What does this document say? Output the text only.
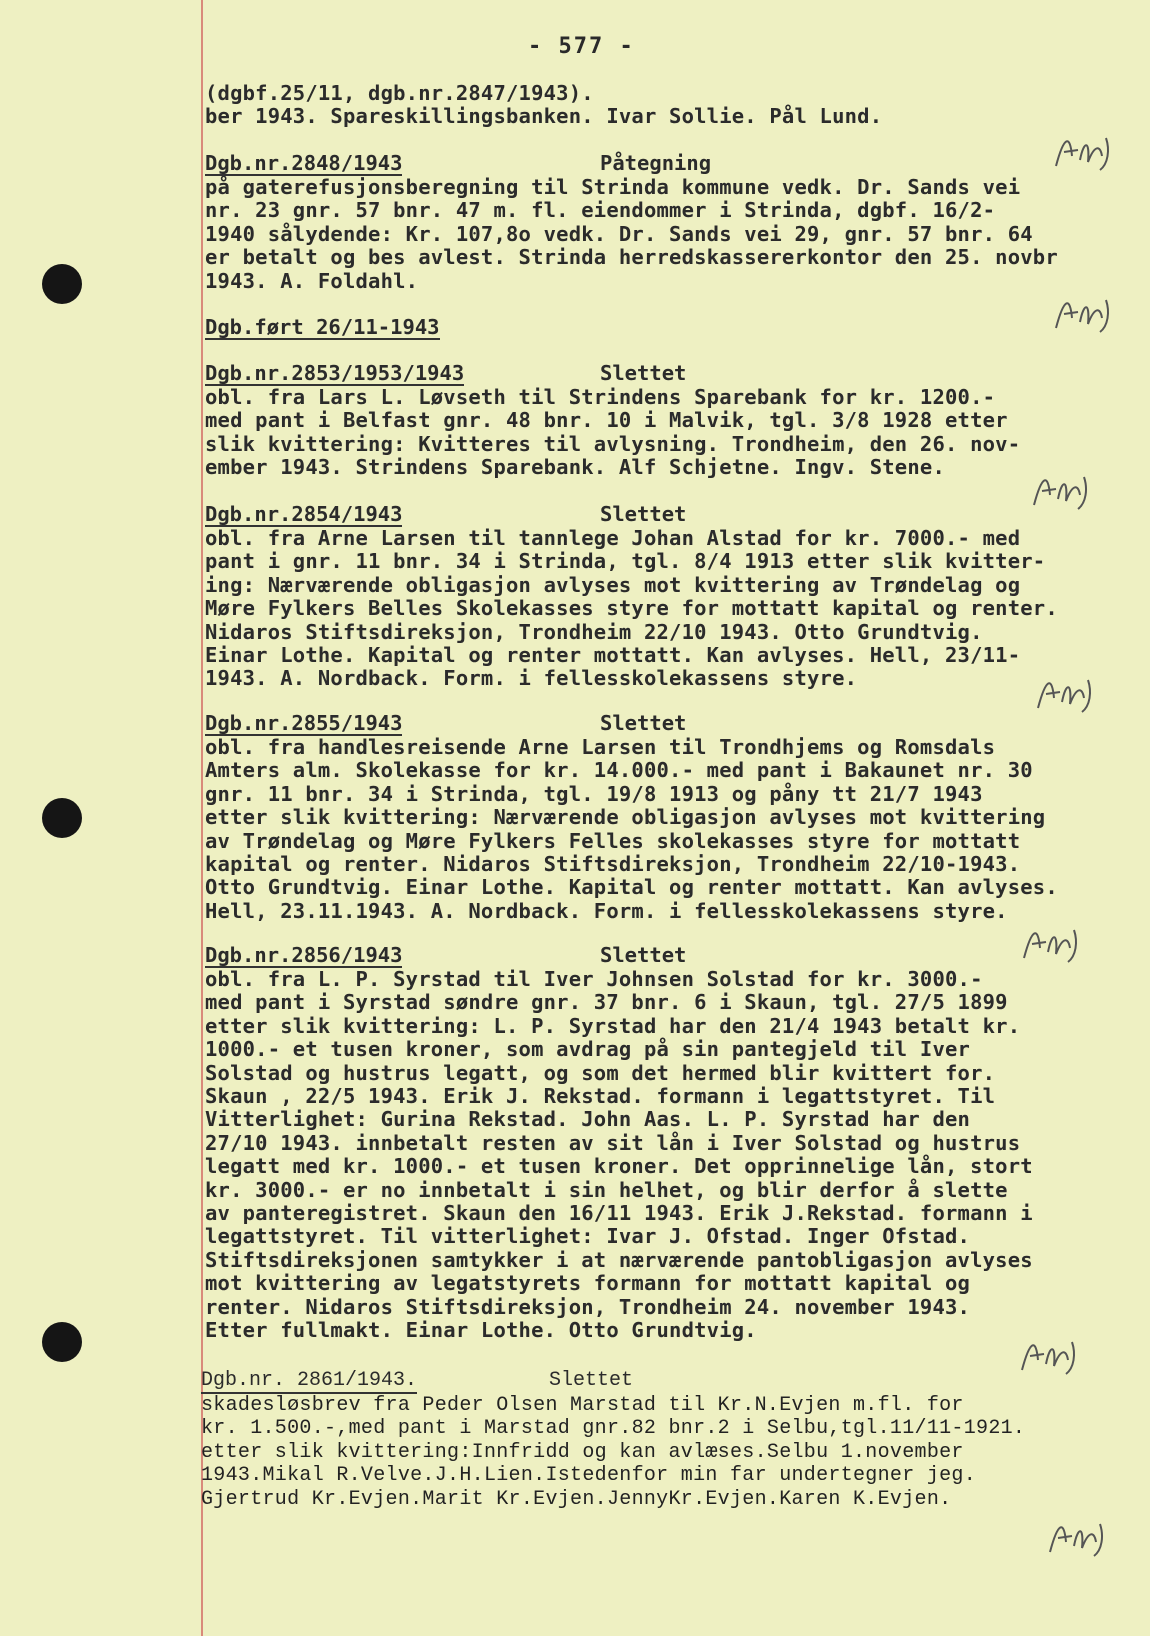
- 577 -
(dgbf.25/11, dgb.nr.2847/1943).
ber 1943. Spareskillingsbanken. Ivar Sollie. Pål Lund.
Dgb.nr.2848/1943	Påtegning
på gaterefusjonsberegning til Strinda kommune vedk. Dr. Sands vei
nr. 23 gnr. 57 bnr. 47 m. fl. eiendommer i Strinda, dgbf. 16/2-
1940 sålydende: Kr. 107,8o vedk. Dr. Sands vei 29, gnr. 57 bnr. 64
er betalt og bes avlest. Strinda herredskassererkontor den 25. novbr
1943. A. Foldahl.
Dgb.ført 26/11-1943
Dgb.nr.2853/1953/1943	Slettet
obl. fra Lars L. Løvseth til Strindens Sparebank for kr. 1200.-
med pant i Belfast gnr. 48 bnr. 10 i Malvik, tgl. 3/8 1928 etter
slik kvittering: Kvitteres til avlysning. Trondheim, den 26. nov-
ember 1943. Strindens Sparebank. Alf Schjetne. Ingv. Stene.
Dgb.nr.2854/1943	Slettet
obl. fra Arne Larsen til tannlege Johan Alstad for kr. 7000.- med
pant i gnr. 11 bnr. 34 i Strinda, tgl. 8/4 1913 etter slik kvitter-
ing: Nærværende obligasjon avlyses mot kvittering av Trøndelag og
Møre Fylkers Belles Skolekasses styre for mottatt kapital og renter.
Nidaros Stiftsdireksjon, Trondheim 22/10 1943. Otto Grundtvig.
Einar Lothe. Kapital og renter mottatt. Kan avlyses. Hell, 23/11-
1943. A. Nordback. Form. i fellesskolekassens styre.
Dgb.nr.2855/1943	Slettet
obl. fra handlesreisende Arne Larsen til Trondhjems og Romsdals
Amters alm. Skolekasse for kr. 14.000.- med pant i Bakaunet nr. 30
gnr. 11 bnr. 34 i Strinda, tgl. 19/8 1913 og påny tt 21/7 1943
etter slik kvittering: Nærværende obligasjon avlyses mot kvittering
av Trøndelag og Møre Fylkers Felles skolekasses styre for mottatt
kapital og renter. Nidaros Stiftsdireksjon, Trondheim 22/10-1943.
Otto Grundtvig. Einar Lothe. Kapital og renter mottatt. Kan avlyses.
Hell, 23.11.1943. A. Nordback. Form. i fellesskolekassens styre.
Dgb.nr.2856/1943	Slettet
obl. fra L. P. Syrstad til Iver Johnsen Solstad for kr. 3000.-
med pant i Syrstad søndre gnr. 37 bnr. 6 i Skaun, tgl. 27/5 1899
etter slik kvittering: L. P. Syrstad har den 21/4 1943 betalt kr.
1000.- et tusen kroner, som avdrag på sin pantegjeld til Iver
Solstad og hustrus legatt, og som det hermed blir kvittert for.
Skaun , 22/5 1943. Erik J. Rekstad. formann i legattstyret. Til
Vitterlighet: Gurina Rekstad. John Aas. L. P. Syrstad har den
27/10 1943. innbetalt resten av sit lån i Iver Solstad og hustrus
legatt med kr. 1000.- et tusen kroner. Det opprinnelige lån, stort
kr. 3000.- er no innbetalt i sin helhet, og blir derfor å slette
av panteregistret. Skaun den 16/11 1943. Erik J.Rekstad. formann i
legattstyret. Til vitterlighet: Ivar J. Ofstad. Inger Ofstad.
Stiftsdireksjonen samtykker i at nærværende pantobligasjon avlyses
mot kvittering av legatstyrets formann for mottatt kapital og
renter. Nidaros Stiftsdireksjon, Trondheim 24. november 1943.
Etter fullmakt. Einar Lothe. Otto Grundtvig.
Dgb.nr. 2861/1943.	Slettet
skadesløsbrev fra Peder Olsen Marstad til Kr.N.Evjen m.fl. for
kr. 1.500.-,med pant i Marstad gnr.82 bnr.2 i Selbu,tgl.11/11-1921.
etter slik kvittering:Innfridd og kan avlæses.Selbu 1.november
1943.Mikal R.Velve.J.H.Lien.Istedenfor min far undertegner jeg.
Gjertrud Kr.Evjen.Marit Kr.Evjen.JennyKr.Evjen.Karen K.Evjen.
